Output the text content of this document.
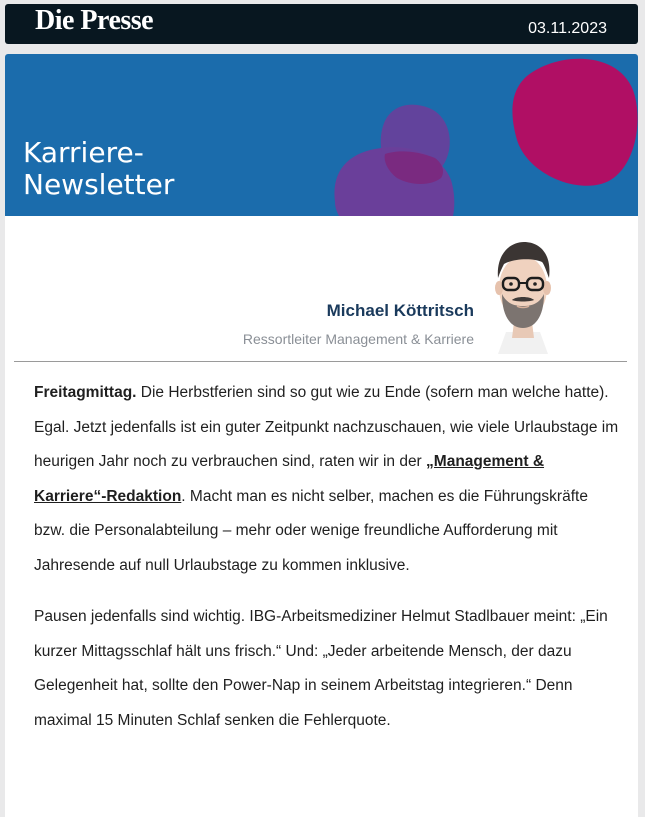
Die Presse	03.11.2023
Karriere-
Newsletter
Michael Köttritsch
Ressortleiter Management & Karriere

Freitagmittag. Die Herbstferien sind so gut wie zu Ende (sofern man welche hatte). Egal. Jetzt jedenfalls ist ein guter Zeitpunkt nachzuschauen, wie viele Urlaubstage im heurigen Jahr noch zu verbrauchen sind, raten wir in der „Management & Karriere“-Redaktion. Macht man es nicht selber, machen es die Führungskräfte bzw. die Personalabteilung – mehr oder wenige freundliche Aufforderung mit Jahresende auf null Urlaubstage zu kommen inklusive.

Pausen jedenfalls sind wichtig. IBG-Arbeitsmediziner Helmut Stadlbauer meint: „Ein kurzer Mittagsschlaf hält uns frisch.“ Und: „Jeder arbeitende Mensch, der dazu Gelegenheit hat, sollte den Power-Nap in seinem Arbeitstag integrieren.“ Denn maximal 15 Minuten Schlaf senken die Fehlerquote.
